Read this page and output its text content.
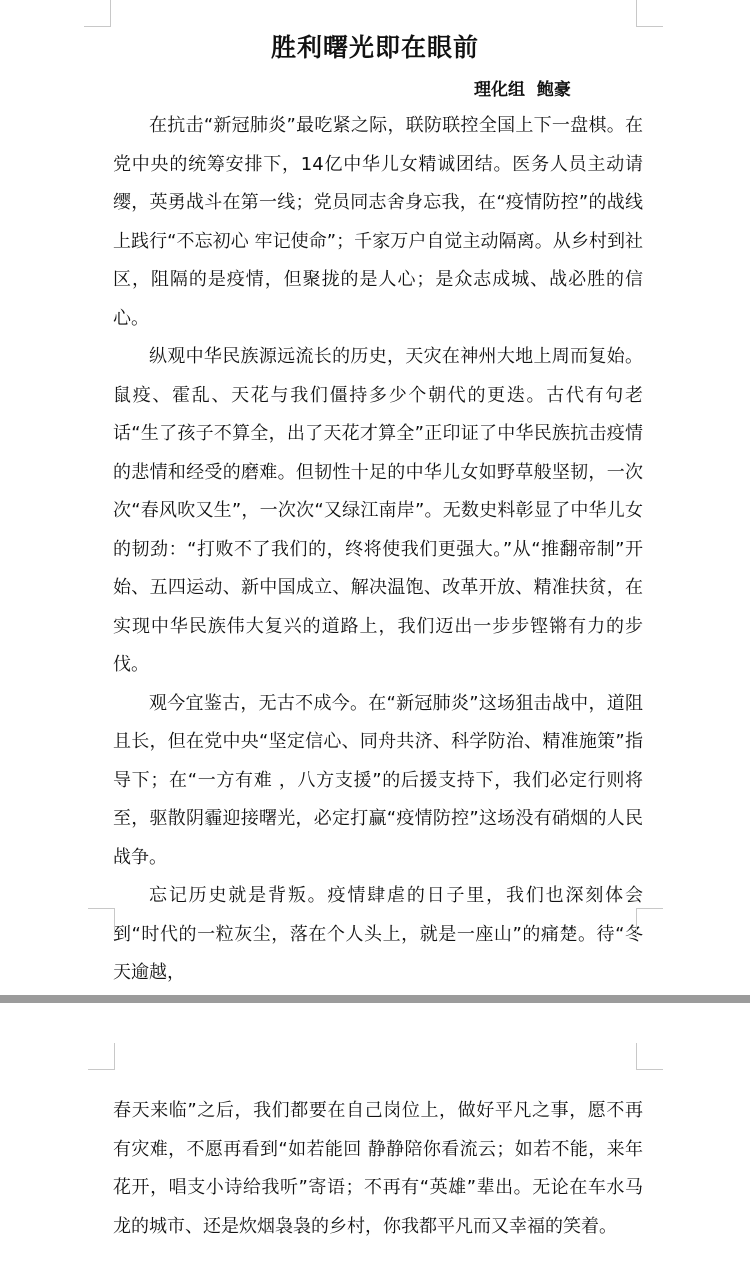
胜利曙光即在眼前
理化组  鲍豪

在抗击“新冠肺炎”最吃紧之际，联防联控全国上下一盘棋。在党中央的统筹安排下，14亿中华儿女精诚团结。医务人员主动请缨，英勇战斗在第一线；党员同志舍身忘我，在“疫情防控”的战线上践行“不忘初心 牢记使命”；千家万户自觉主动隔离。从乡村到社区，阻隔的是疫情，但聚拢的是人心；是众志成城、战必胜的信心。

纵观中华民族源远流长的历史，天灾在神州大地上周而复始。鼠疫、霍乱、天花与我们僵持多少个朝代的更迭。古代有句老话“生了孩子不算全，出了天花才算全”正印证了中华民族抗击疫情的悲情和经受的磨难。但韧性十足的中华儿女如野草般坚韧，一次次“春风吹又生”，一次次“又绿江南岸”。无数史料彰显了中华儿女的韧劲：“打败不了我们的，终将使我们更强大。”从“推翻帝制”开始、五四运动、新中国成立、解决温饱、改革开放、精准扶贫，在实现中华民族伟大复兴的道路上，我们迈出一步步铿锵有力的步伐。

观今宜鉴古，无古不成今。在“新冠肺炎”这场狙击战中，道阻且长，但在党中央“坚定信心、同舟共济、科学防治、精准施策”指导下；在“一方有难 ，八方支援”的后援支持下，我们必定行则将至，驱散阴霾迎接曙光，必定打赢“疫情防控”这场没有硝烟的人民战争。

忘记历史就是背叛。疫情肆虐的日子里，我们也深刻体会到“时代的一粒灰尘，落在个人头上，就是一座山”的痛楚。待“冬天逾越，

春天来临”之后，我们都要在自己岗位上，做好平凡之事，愿不再有灾难，不愿再看到“如若能回 静静陪你看流云；如若不能，来年花开，唱支小诗给我听”寄语；不再有“英雄”辈出。无论在车水马龙的城市、还是炊烟袅袅的乡村，你我都平凡而又幸福的笑着。
